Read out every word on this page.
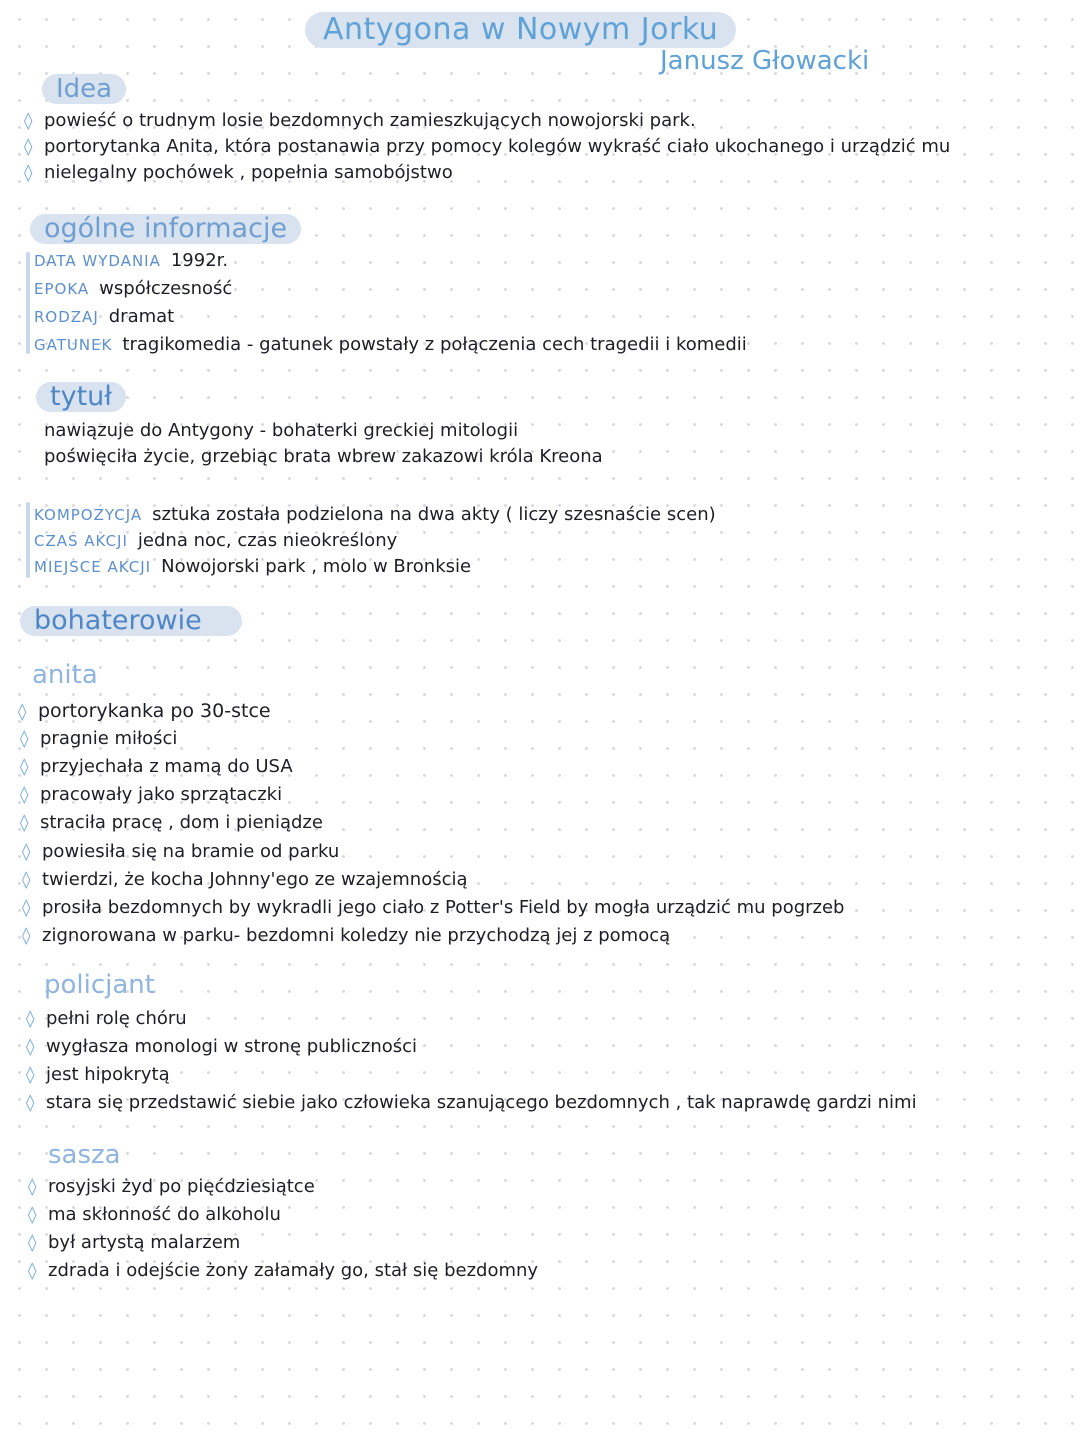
Antygona w Nowym Jorku
Janusz Głowacki
Idea
◊ powieść o trudnym losie bezdomnych zamieszkujących nowojorski park.
◊ portorytanka Anita, która postanawia przy pomocy kolegów wykraść ciało ukochanego i urządzić mu
◊ nielegalny pochówek , popełnia samobójstwo
ogólne informacje
DATA WYDANIA 1992r.
EPOKA współczesność
RODZAJ dramat
GATUNEK tragikomedia - gatunek powstały z połączenia cech tragedii i komedii
tytuł
nawiązuje do Antygony - bohaterki greckiej mitologii
poświęciła życie, grzebiąc brata wbrew zakazowi króla Kreona
KOMPOZYCJA sztuka została podzielona na dwa akty ( liczy szesnaście scen)
CZAS AKCJI jedna noc, czas nieokreślony
MIEJSCE AKCJI Nowojorski park , molo w Bronksie
bohaterowie
anita
◊ portorykanka po 30-stce
◊ pragnie miłości
◊ przyjechała z mamą do USA
◊ pracowały jako sprzątaczki
◊ straciła pracę , dom i pieniądze
◊ powiesiła się na bramie od parku
◊ twierdzi, że kocha Johnny'ego ze wzajemnością
◊ prosiła bezdomnych by wykradli jego ciało z Potter's Field by mogła urządzić mu pogrzeb
◊ zignorowana w parku- bezdomni koledzy nie przychodzą jej z pomocą
policjant
◊ pełni rolę chóru
◊ wygłasza monologi w stronę publiczności
◊ jest hipokrytą
◊ stara się przedstawić siebie jako człowieka szanującego bezdomnych , tak naprawdę gardzi nimi
sasza
◊ rosyjski żyd po pięćdziesiątce
◊ ma skłonność do alkoholu
◊ był artystą malarzem
◊ zdrada i odejście żony załamały go, stał się bezdomny
